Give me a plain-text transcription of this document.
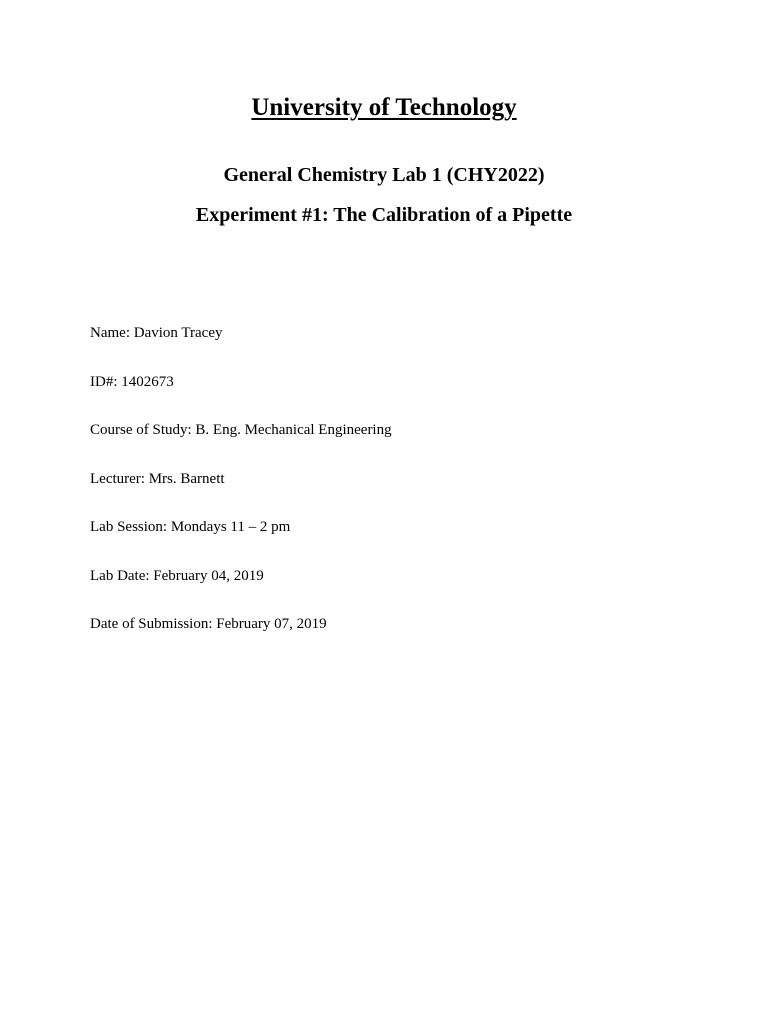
University of Technology
General Chemistry Lab 1 (CHY2022)
Experiment #1: The Calibration of a Pipette
Name: Davion Tracey
ID#: 1402673
Course of Study: B. Eng. Mechanical Engineering
Lecturer: Mrs. Barnett
Lab Session: Mondays 11 – 2 pm
Lab Date: February 04, 2019
Date of Submission: February 07, 2019
